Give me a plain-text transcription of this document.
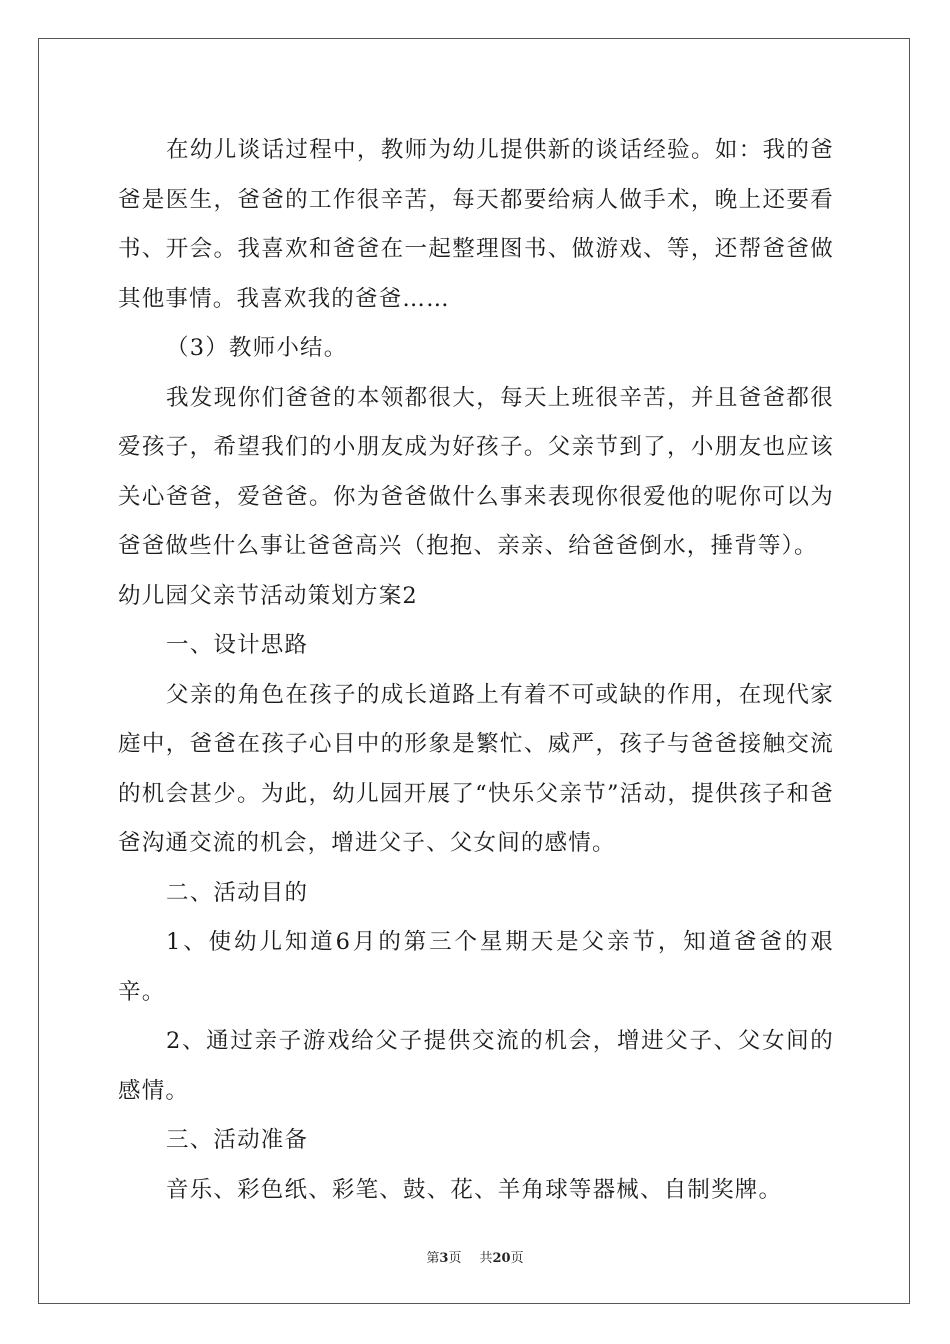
在幼儿谈话过程中，教师为幼儿提供新的谈话经验。如：我的爸爸是医生，爸爸的工作很辛苦，每天都要给病人做手术，晚上还要看书、开会。我喜欢和爸爸在一起整理图书、做游戏、等，还帮爸爸做其他事情。我喜欢我的爸爸……

（3）教师小结。

我发现你们爸爸的本领都很大，每天上班很辛苦，并且爸爸都很爱孩子，希望我们的小朋友成为好孩子。父亲节到了，小朋友也应该关心爸爸，爱爸爸。你为爸爸做什么事来表现你很爱他的呢你可以为爸爸做些什么事让爸爸高兴（抱抱、亲亲、给爸爸倒水，捶背等）。

幼儿园父亲节活动策划方案2

一、设计思路

父亲的角色在孩子的成长道路上有着不可或缺的作用，在现代家庭中，爸爸在孩子心目中的形象是繁忙、威严，孩子与爸爸接触交流的机会甚少。为此，幼儿园开展了“快乐父亲节”活动，提供孩子和爸爸沟通交流的机会，增进父子、父女间的感情。

二、活动目的

1、使幼儿知道6月的第三个星期天是父亲节，知道爸爸的艰辛。

2、通过亲子游戏给父子提供交流的机会，增进父子、父女间的感情。

三、活动准备

音乐、彩色纸、彩笔、鼓、花、羊角球等器械、自制奖牌。

第3页 共20页
